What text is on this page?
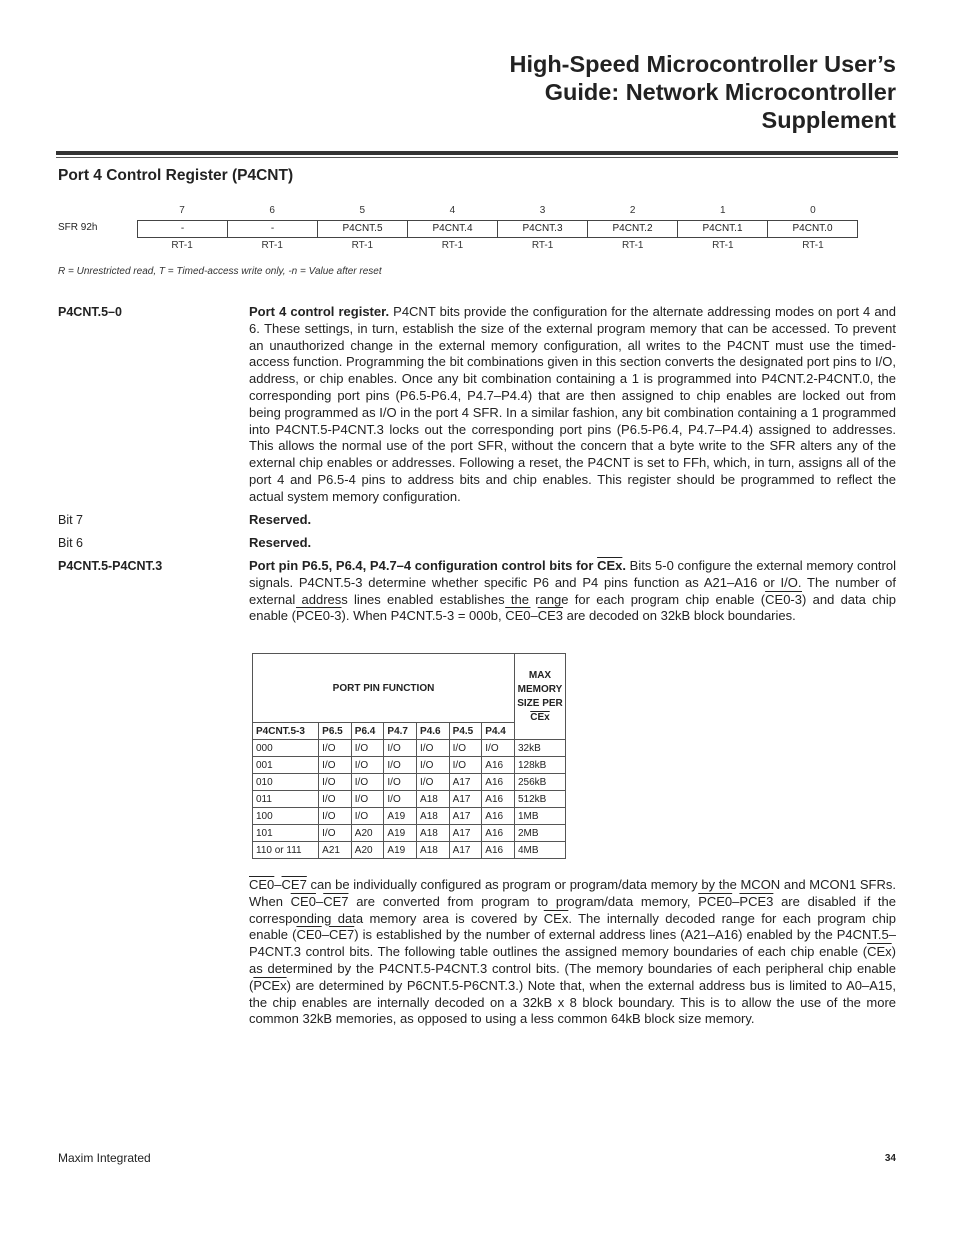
High-Speed Microcontroller User’s
Guide: Network Microcontroller
Supplement
Port 4 Control Register (P4CNT)
7	6	5	4	3	2	1	0
SFR 92h	-	-	P4CNT.5	P4CNT.4	P4CNT.3	P4CNT.2	P4CNT.1	P4CNT.0
RT-1	RT-1	RT-1	RT-1	RT-1	RT-1	RT-1	RT-1
R = Unrestricted read, T = Timed-access write only, -n = Value after reset
P4CNT.5–0	Port 4 control register. P4CNT bits provide the configuration for the alternate addressing modes on port 4 and 6. These settings, in turn, establish the size of the external program memory that can be accessed. To prevent an unauthorized change in the external memory configuration, all writes to the P4CNT must use the timed-access function. Programming the bit combinations given in this section converts the designated port pins to I/O, address, or chip enables. Once any bit combination containing a 1 is programmed into P4CNT.2-P4CNT.0, the corresponding port pins (P6.5-P6.4, P4.7–P4.4) that are then assigned to chip enables are locked out from being programmed as I/O in the port 4 SFR. In a similar fashion, any bit combination containing a 1 programmed into P4CNT.5-P4CNT.3 locks out the corresponding port pins (P6.5-P6.4, P4.7–P4.4) assigned to addresses. This allows the normal use of the port SFR, without the concern that a byte write to the SFR alters any of the external chip enables or addresses. Following a reset, the P4CNT is set to FFh, which, in turn, assigns all of the port 4 and P6.5-4 pins to address bits and chip enables. This register should be programmed to reflect the actual system memory configuration.
Bit 7	Reserved.
Bit 6	Reserved.
P4CNT.5-P4CNT.3	Port pin P6.5, P6.4, P4.7–4 configuration control bits for $\overline{CEx}$. Bits 5-0 configure the external memory control signals. P4CNT.5-3 determine whether specific P6 and P4 pins function as A21–A16 or I/O. The number of external address lines enabled establishes the range for each program chip enable (CE0-3) and data chip enable (PCE0-3). When P4CNT.5-3 = 000b, CE0–CE3 are decoded on 32kB block boundaries.
PORT PIN FUNCTION							MAX
MEMORY
SIZE PER
$\overline{CEx}$

P4CNT.5-3	P6.5	P6.4	P4.7	P4.6	P4.5	P4.4	
000	I/O	I/O	I/O	I/O	I/O	I/O	32kB
001	I/O	I/O	I/O	I/O	I/O	A16	128kB
010	I/O	I/O	I/O	I/O	A17	A16	256kB
011	I/O	I/O	I/O	A18	A17	A16	512kB
100	I/O	I/O	A19	A18	A17	A16	1MB
101	I/O	A20	A19	A18	A17	A16	2MB
110 or 111	A21	A20	A19	A18	A17	A16	4MB
CE0–CE7 can be individually configured as program or program/data memory by the MCON and MCON1 SFRs. When CE0–CE7 are converted from program to program/data memory, PCE0–PCE3 are disabled if the corresponding data memory area is covered by $\overline{CEx}$. The internally decoded range for each program chip enable (CE0–CE7) is established by the number of external address lines (A21–A16) enabled by the P4CNT.5–P4CNT.3 control bits. The following table outlines the assigned memory boundaries of each chip enable $(\overline{CEx})$ as determined by the P4CNT.5-P4CNT.3 control bits. (The memory boundaries of each peripheral chip enable (PCEx) are determined by P6CNT.5-P6CNT.3.) Note that, when the external address bus is limited to A0–A15, the chip enables are internally decoded on a 32kB x 8 block boundary. This is to allow the use of the more common 32kB memories, as opposed to using a less common 64kB block size memory.
Maxim Integrated	34
